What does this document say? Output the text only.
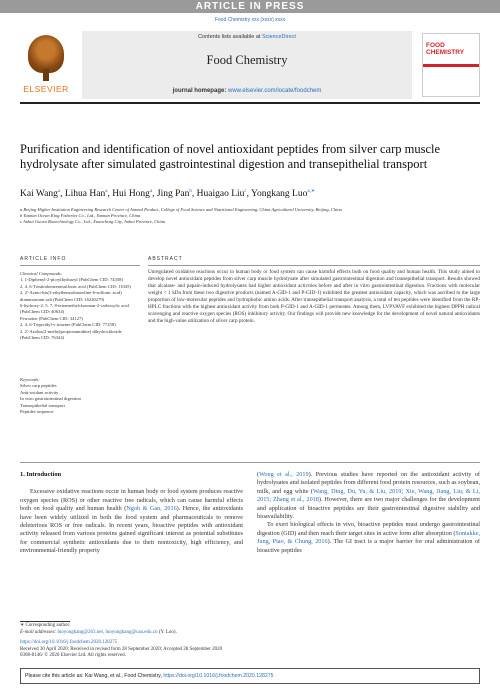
ARTICLE IN PRESS
Food Chemistry xxx (xxxx) xxxx
ELSEVIER
Contents lists available at ScienceDirect
Food Chemistry
journal homepage: www.elsevier.com/locate/foodchem
FOOD CHEMISTRY
Purification and identification of novel antioxidant peptides from silver carp muscle hydrolysate after simulated gastrointestinal digestion and transepithelial transport
Kai Wang$^a$, Lihua Han$^a$, Hui Hong$^a$, Jing Pan$^b$, Huaigao Liu$^c$, Yongkang Luo$^{a,∗}$
a Beijing Higher Institution Engineering Research Center of Animal Product, College of Food Science and Nutritional Engineering, China Agricultural University, Beijing, China
b Yunnan Ocean King Fisheries Co., Ltd., Yunnan Province, China
c Anhui Guoxu Biotechnology Co., Ltd., Xuancheng City, Anhui Province, China
ARTICLE INFO	ABSTRACT
Chemical Compounds:
1, 1-Diphenyl-2-picrylhydrazyl (PubChem CID: 74358)
2, 4, 6-Trinitrobenzenesulfonic acid (PubChem CID: 11045)
2, 2′-Azino-bis(3-ethylbenzothiazoline-6-sulfonic acid) diammonium salt (PubChem CID: 16240279)
6-hydroxy-2, 5, 7, 8-tetramethylchroman-2-carboxylic acid (PubChem CID: 40634)
Ferrozine (PubChem CID: 34127)
2, 4, 6-Tripyridyl-s-triazine (PubChem CID: 77258)
2, 2′-Azobis(2-methylpropionamidine) dihydrochloride (PubChem CID: 76344)
Keywords:
Silver carp peptides
Anti-oxidant activity
In vitro gastrointestinal digestion
Transepithelial transport
Peptides sequence
Unregulated oxidative reactions occur in human body or food system can cause harmful effects both on food quality and human health. This study aimed to develop novel antioxidant peptides from silver carp muscle hydrolysate after simulated gastrointestinal digestion and transepithelial transport. Results showed that alcalase- and papain-induced hydrolysates had higher antioxidant activities before and after in vitro gastrointestinal digestion. Fractions with molecular weight < 1 kDa from these two digestive products (named A-GID-1 and P-GID-1) exhibited the greatest antioxidant capacity, which was ascribed to the large proportion of low-molecular peptides and hydrophobic amino acids. After transepithelial transport analysis, a total of ten peptides were identified from the RP-HPLC fractions with the highest antioxidant activity from both P-GID-1 and A-GID-1 permeates. Among them, LVPVAVF exhibited the highest DPPH radical scavenging and reactive oxygen species (ROS) inhibitory activity. Our findings will provide new knowledge for the development of novel natural antioxidants and the high-value utilization of silver carp protein.
1. Introduction

Excessive oxidative reactions occur in human body or food system produces reactive oxygen species (ROS) or other reactive free radicals, which can cause harmful effects both on food quality and human health (Ngoh & Gan, 2016). Hence, the antioxidants have been widely utilized in both the food system and pharmaceuticals to remove deleterious ROS or free radicals. In recent years, bioactive peptides with antioxidant activity released from various proteins gained significant interest as potential substitutes for commercial synthetic antioxidants due to their nontoxicity, high efficiency, and environmental-friendly property

(Wong et al., 2019). Previous studies have reported on the antioxidant activity of hydrolysates and isolated peptides from different food protein resources, such as soybean, milk, and egg white (Wang, Ding, Du, Yu, & Liu, 2019; Xie, Wang, Jiang, Liu, & Li, 2015; Zhang et al., 2018). However, there are two major challenges for the development and application of bioactive peptides are their gastrointestinal digestive stability and bioavailability.

To exert biological effects in vivo, bioactive peptides must undergo gastrointestinal digestion (GID) and then reach their target sites in active form after absorption (Sontakke, Jung, Piao, & Chung, 2016). The GI tract is a major barrier for oral administration of bioactive peptides

∗ Corresponding author.
E-mail addresses: luoyongkang@263.net, luoyongkang@cau.edu.cn (Y. Luo).
https://doi.org/10.1016/j.foodchem.2020.128275
Received 30 April 2020; Received in revised form 28 September 2020; Accepted 28 September 2020
0308-8146/ © 2020 Elsevier Ltd. All rights reserved.
Please cite this article as: Kai Wang, et al., Food Chemistry, https://doi.org/10.1016/j.foodchem.2020.128275
